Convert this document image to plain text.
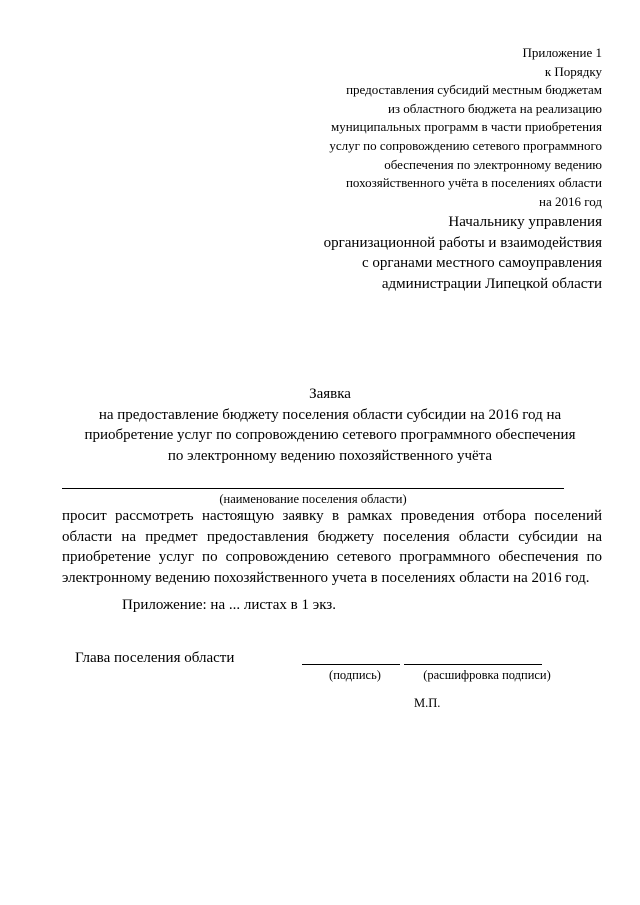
Приложение 1
к Порядку
предоставления субсидий местным бюджетам
из областного бюджета на реализацию
муниципальных программ в части приобретения
услуг по сопровождению сетевого программного
обеспечения по электронному ведению
похозяйственного учёта в поселениях области
на 2016 год
Начальнику управления
организационной работы и взаимодействия
с органами местного самоуправления
администрации Липецкой области
Заявка
на предоставление бюджету поселения области субсидии на 2016 год на
приобретение услуг по сопровождению сетевого программного обеспечения
по электронному ведению похозяйственного учёта
(наименование поселения области)
просит рассмотреть настоящую заявку в рамках проведения отбора поселений области на предмет предоставления бюджету поселения области субсидии на приобретение услуг по сопровождению сетевого программного обеспечения по электронному ведению похозяйственного учета в поселениях области на 2016 год.
Приложение: на ... листах в 1 экз.
Глава поселения области
(подпись)	(расшифровка подписи)
М.П.
